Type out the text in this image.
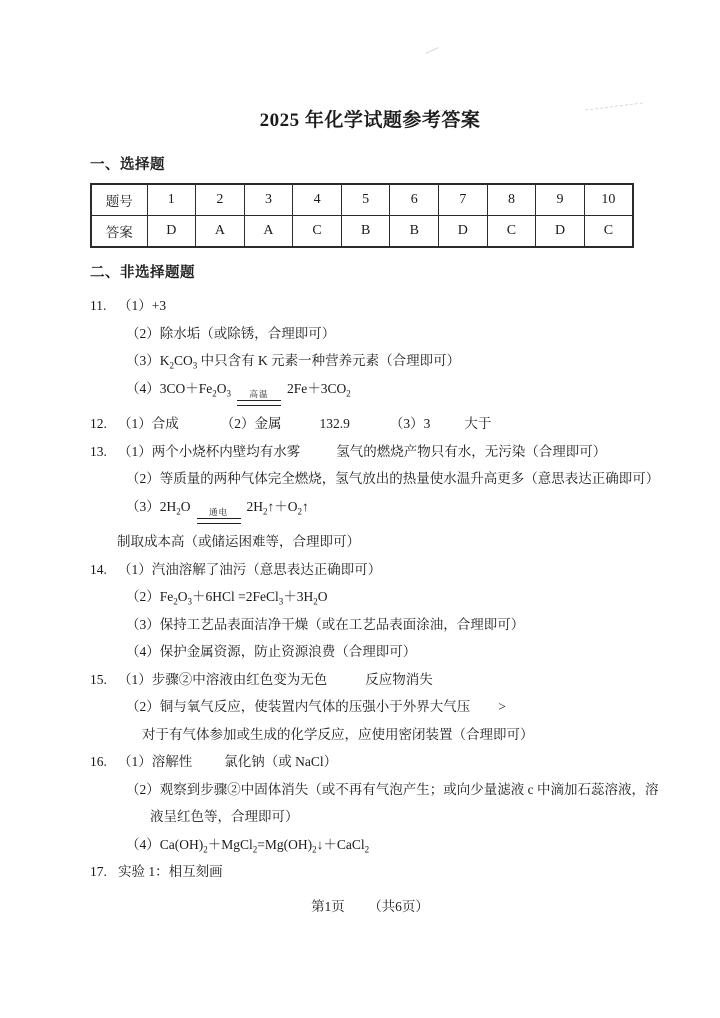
2025 年化学试题参考答案
一、选择题
题号	1	2	3	4	5	6	7	8	9	10
答案	D	A	A	C	B	B	D	C	D	C
二、非选择题题
11. （1）+3
（2）除水垢（或除锈，合理即可）
$(3)K_2CO_3$ 中只含有 K 元素一种营养元素（合理即可）
$(4)3CO+Fe_2O_3$ 高温 $2Fe+3CO_2$
12. （1）合成	（2）金属	132.9	（3）3	大于
13. （1）两个小烧杯内壁均有水雾	氢气的燃烧产物只有水，无污染（合理即可）
（2）等质量的两种气体完全燃烧，氢气放出的热量使水温升高更多（意思表达正确即可）
$(3)2H_2O$ 通电 $2H_2↑+O_2↑$
制取成本高（或储运困难等，合理即可）
14. （1）汽油溶解了油污（意思表达正确即可）
$(2)Fe_2O_3+6HCl$ $=2FeCl_3+3H_2O$
（3）保持工艺品表面洁净干燥（或在工艺品表面涂油，合理即可）
（4）保护金属资源，防止资源浪费（合理即可）
15. （1）步骤②中溶液由红色变为无色	反应物消失
（2）铜与氧气反应，使装置内气体的压强小于外界大气压 >
对于有气体参加或生成的化学反应，应使用密闭装置（合理即可）
16. （1）溶解性 氯化钠（或 NaCl）
（2）观察到步骤②中固体消失（或不再有气泡产生；或向少量滤液 c 中滴加石蕊溶液，溶
液呈红色等，合理即可）
$(4)Ca(OH)_2+MgCl_2=Mg(OH)_2↓+CaCl_2$
17. 实验 1：相互刻画
第1页 （共6页）
